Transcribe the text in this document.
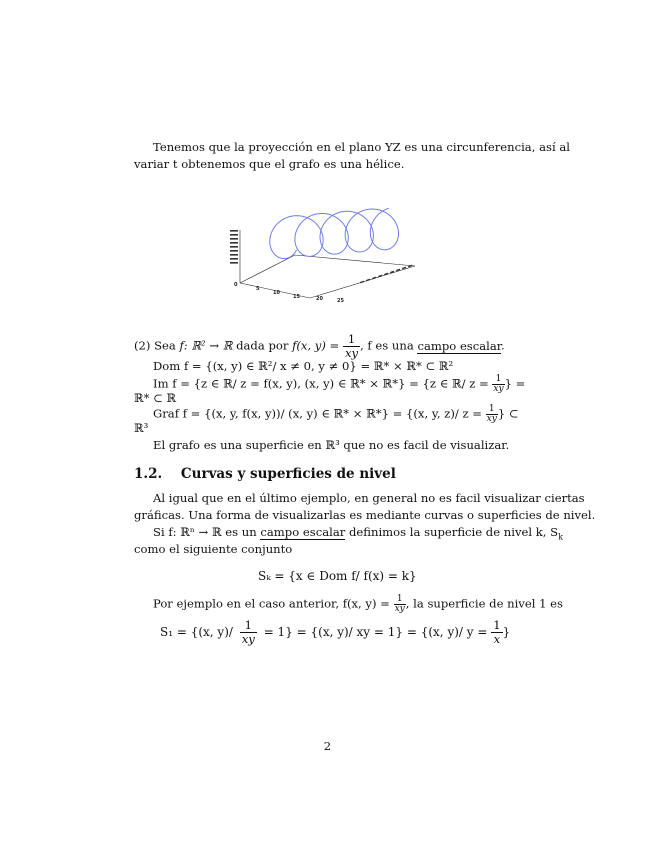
Tenemos que la proyección en el plano YZ es una circunferencia, así al
variar t obtenemos que el grafo es una hélice.
0
5
10
15	20	25
(2) Sea f: ℝ² → ℝ dada por f(x, $y) = \frac{1}{xy}$ , f es una campo escalar.
Dom f = {(x, y) ∈ ℝ²/ x ≠ 0, y ≠ 0} = ℝ* × ℝ* ⊂ ℝ²
Im f = {z ∈ ℝ/ z = f(x, y), (x, y) ∈ ℝ* × ℝ*} = {z ∈ ℝ/ $z = \frac{1}{xy}$ } =
ℝ* ⊂ ℝ
Graf f = {(x, y, f(x, y))/ (x, y) ∈ ℝ* × ℝ*} = {(x, y, z)/ $z = \frac{1}{xy}$ } ⊂
ℝ³
El grafo es una superficie en ℝ³ que no es facil de visualizar.
1.2. Curvas y superficies de nivel
Al igual que en el último ejemplo, en general no es facil visualizar ciertas
gráficas. Una forma de visualizarlas es mediante curvas o superficies de nivel.
Si f: ℝⁿ → ℝ es un campo escalar definimos la superficie de nivel k, $S_k$
como el siguiente conjunto
Sₖ = {x ∈ Dom f/ f(x) = k}
Por ejemplo en el caso anterior, f(x, $y) = \frac{1}{xy}$ , la superficie de nivel 1 es
S₁ = {(x, $y)/ \frac{1}{xy} = 1\} = \{(x$, y)/ xy = 1} = {(x, y)/ $y = \frac{1}{x}$ }
2
